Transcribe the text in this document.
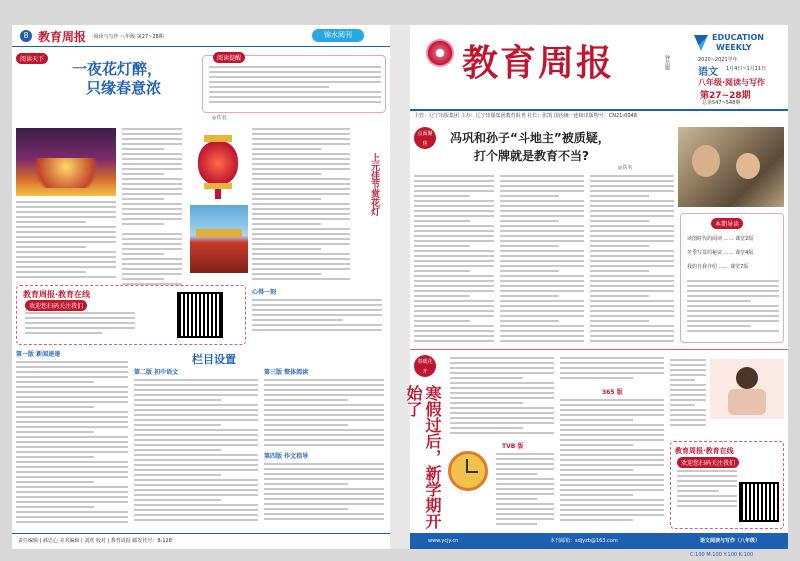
8 教育周报 ·阅读与写作 八年级·第27~28期	锦水阅刊
阅读天下
一夜花灯醉，
只缘春意浓
阅读提醒
◎佚名
上元佳节赏花灯
心得一刻
教育周报·教育在线
欢迎您扫码关注我们
栏目设置
第一版 新闻速递
第二版 初中语文	第三版 整体阅读
第四版 作文指导
责任编辑 | 郝忠心 美术编辑 | 刘欣 校对 | 教育周报 邮发代号：8-128
教育周报	钟岳题
EDUCATION
WEEKLY
2020~2021学年
语文 1月4日~1月11日
八年级·阅读与写作
第27~28期
总第547~548期
主管：辽宁出版集团 主办：辽宁出版集团教育报刊 社长：张凯 国内统一连续出版物号：CN21-0048
点面聚焦	冯巩和孙子“斗地主”被质疑，
打个牌就是教育不当?
◎佚名
本期导读
读图时代的阅读 …… 课堂2版
冬季写景的秘诀 …… 课堂4版
我的自我介绍 …… 课堂7版
春暖花开
寒假过后，新学期开始了
TVB 版
365 版
教育周报·教育在线
欢迎您扫码关注我们
www.ycjy.cn	本刊邮箱：sdjyzb@163.com	语文阅读与写作（八年级）
C:100 M:100 Y:100 K:100
